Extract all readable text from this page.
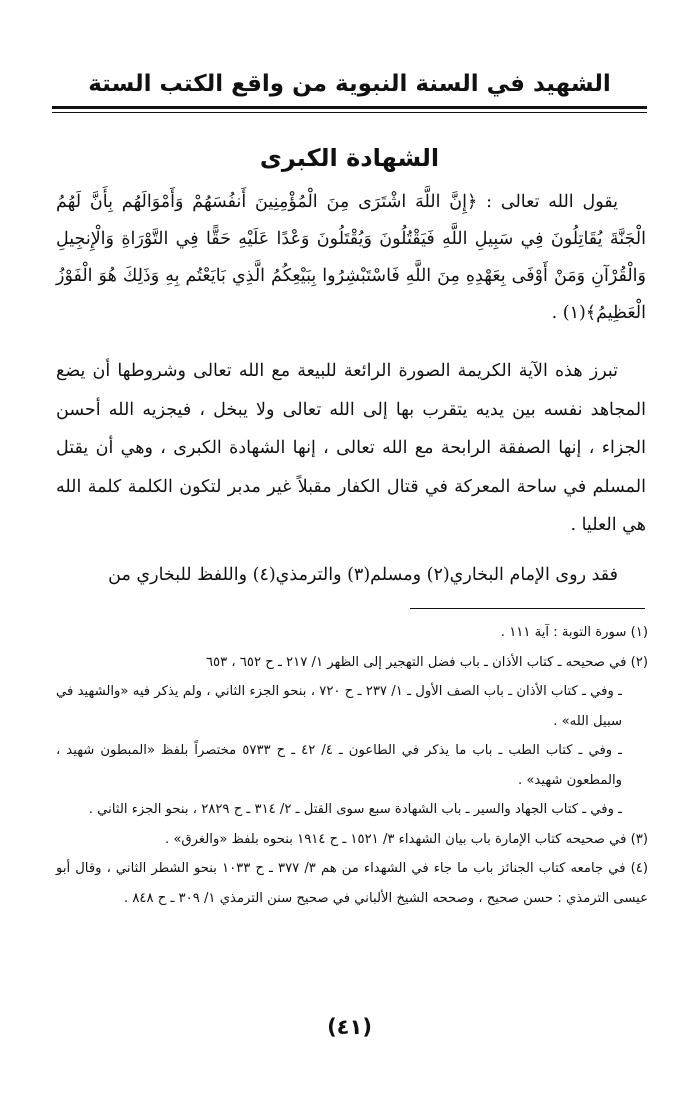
الشهيد في السنة النبوية من واقع الكتب الستة
الشهادة الكبرى

يقول الله تعالى : ﴿إِنَّ اللَّهَ اشْتَرَى مِنَ الْمُؤْمِنِينَ أَنفُسَهُمْ وَأَمْوَالَهُم بِأَنَّ لَهُمُ الْجَنَّةَ يُقَاتِلُونَ فِي سَبِيلِ اللَّهِ فَيَقْتُلُونَ وَيُقْتَلُونَ وَعْدًا عَلَيْهِ حَقًّا فِي التَّوْرَاةِ وَالْإِنجِيلِ وَالْقُرْآنِ وَمَنْ أَوْفَى بِعَهْدِهِ مِنَ اللَّهِ فَاسْتَبْشِرُوا بِبَيْعِكُمُ الَّذِي بَايَعْتُم بِهِ وَذَلِكَ هُوَ الْفَوْزُ الْعَظِيمُ﴾(١) .

تبرز هذه الآية الكريمة الصورة الرائعة للبيعة مع الله تعالى وشروطها أن يضع المجاهد نفسه بين يديه يتقرب بها إلى الله تعالى ولا يبخل ، فيجزيه الله أحسن الجزاء ، إنها الصفقة الرابحة مع الله تعالى ، إنها الشهادة الكبرى ، وهي أن يقتل المسلم في ساحة المعركة في قتال الكفار مقبلاً غير مدبر لتكون الكلمة كلمة الله هي العليا .

فقد روى الإمام البخاري(٢) ومسلم(٣) والترمذي(٤) واللفظ للبخاري من

(١) سورة التوبة : آية ١١١ .

(٢) في صحيحه ـ كتاب الأذان ـ باب فضل التهجير إلى الظهر ١/ ٢١٧ ـ ح ٦٥٢ ، ٦٥٣

ـ وفي ـ كتاب الأذان ـ باب الصف الأول ـ ١/ ٢٣٧ ـ ح ٧٢٠ ، بنحو الجزء الثاني ، ولم يذكر فيه «والشهيد في سبيل الله» .

ـ وفي ـ كتاب الطب ـ باب ما يذكر في الطاعون ـ ٤/ ٤٢ ـ ح ٥٧٣٣ مختصراً بلفظ «المبطون شهيد ، والمطعون شهيد» .

ـ وفي ـ كتاب الجهاد والسير ـ باب الشهادة سبع سوى القتل ـ ٢/ ٣١٤ ـ ح ٢٨٢٩ ، بنحو الجزء الثاني .

(٣) في صحيحه كتاب الإمارة باب بيان الشهداء ٣/ ١٥٢١ ـ ح ١٩١٤ بنحوه بلفظ «والغرق» .

(٤) في جامعه كتاب الجنائز باب ما جاء في الشهداء من هم ٣/ ٣٧٧ ـ ح ١٠٣٣ بنحو الشطر الثاني ، وقال أبو عيسى الترمذي : حسن صحيح ، وصححه الشيخ الألباني في صحيح سنن الترمذي ١/ ٣٠٩ ـ ح ٨٤٨ .

(٤١)
